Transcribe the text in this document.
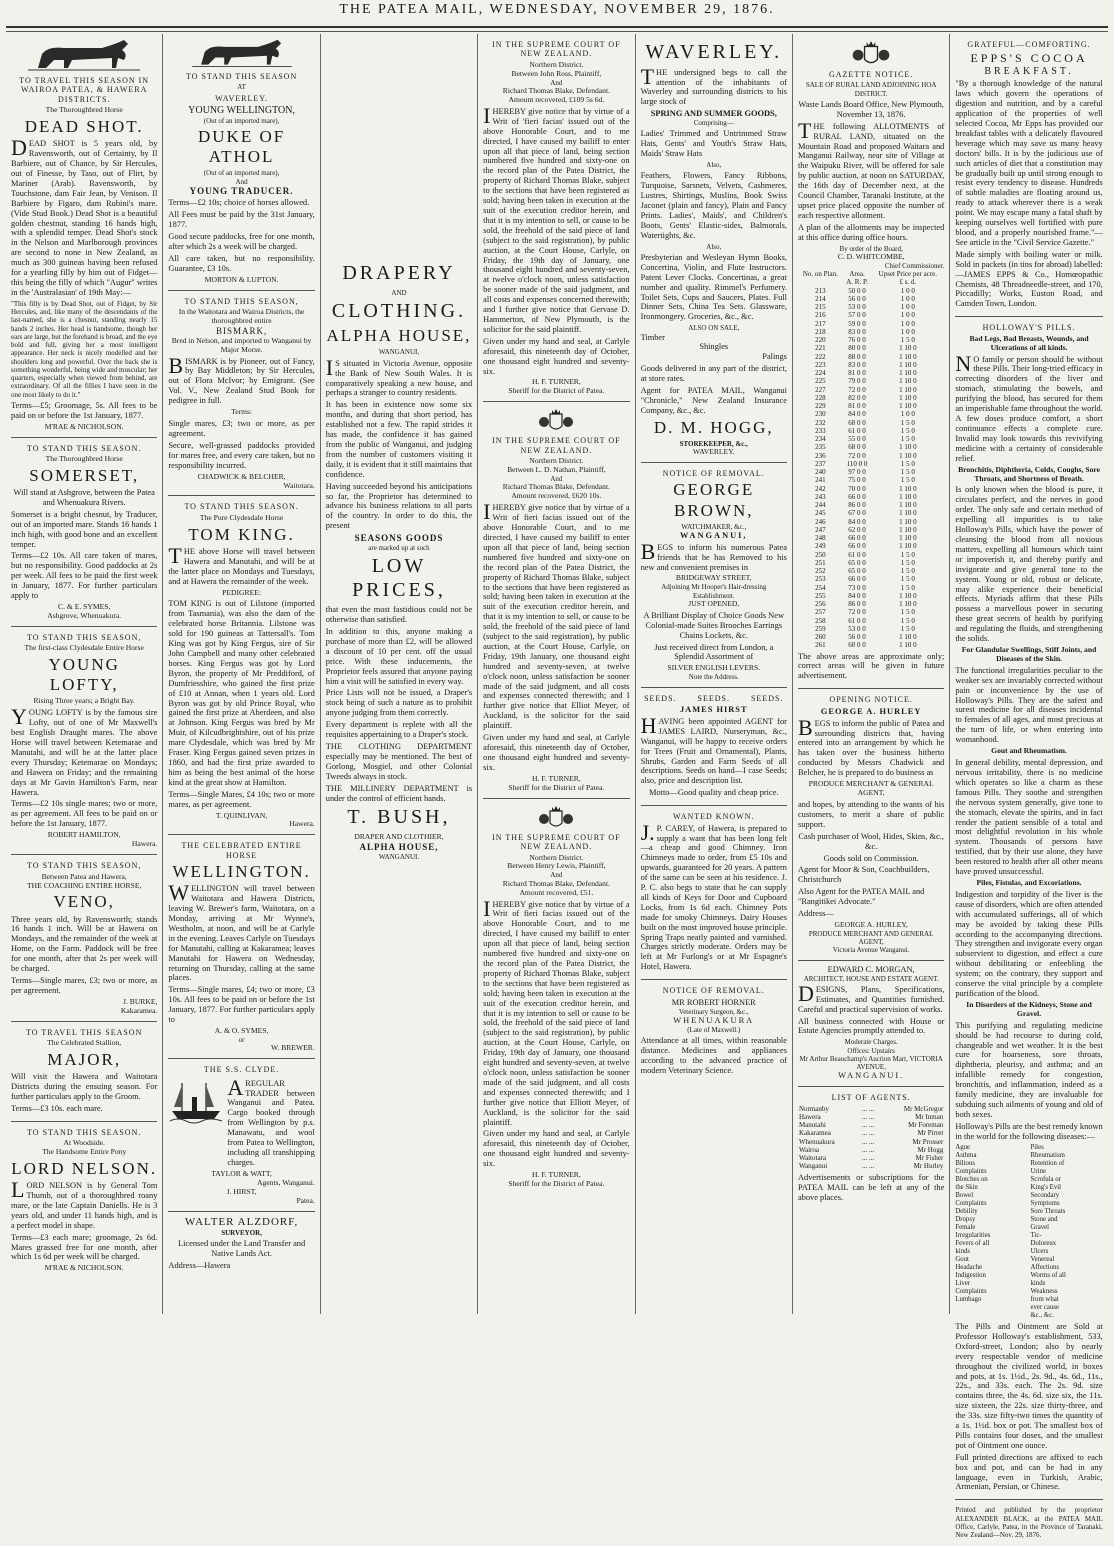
THE PATEA MAIL, WEDNESDAY, NOVEMBER 29, 1876.
TO TRAVEL THIS SEASON IN WAIROA PATEA, & HAWERA DISTRICTS.
The Thoroughbred Horse
DEAD SHOT.

DEAD SHOT is 5 years old, by Ravensworth, out of Certainty, by Il Barbiere, out of Chance, by Sir Hercules, out of Finesse, by Taso, out of Flirt, by Mariner (Arab). Ravensworth, by Touchstone, dam Fair Jean, by Venison. Il Barbiere by Figaro, dam Rubini's mare. (Vide Stud Book.) Dead Shot is a beautiful golden chestnut, standing 16 hands high, with a splendid temper. Dead Shot's stock in the Nelson and Marlborough provinces are second to none in New Zealand, as much as 300 guineas having been refused for a yearling filly by him out of Fidget—this being the filly of which "Augur" writes in the 'Australasian' of 19th May:—

"This filly is by Dead Shot, out of Fidget, by Sir Hercules, and, like many of the descendants of the last-named, she is a chesnut, standing nearly 15 hands 2 inches. Her head is handsome, though her ears are large, but the forehand is broad, and the eye bold and full, giving her a most intelligent appearance. Her neck is nicely modelled and her shoulders long and powerful. Over the back she is something wonderful, being wide and muscular; her quarters, especially when viewed from behind, are extraordinary. Of all the fillies I have seen in the one most likely to do it."

Terms—£5; Groomage, 5s. All fees to be paid on or before the 1st January, 1877.

M'RAE & NICHOLSON.
TO STAND THIS SEASON.
The Thoroughbred Horse
SOMERSET,

Will stand at Ashgrove, between the Patea and Whenuakura Rivers.

Somerset is a bright chesnut, by Traducer, out of an imported mare. Stands 16 hands 1 inch high, with good bone and an excellent temper.

Terms—£2 10s. All care taken of mares, but no responsibility. Good paddocks at 2s per week. All fees to be paid the first week in January, 1877. For further particulars apply to

C. & E. SYMES,
Ashgrove, Whenuakura.
TO STAND THIS SEASON,
The first-class Clydesdale Entire Horse
YOUNG LOFTY,
Rising Three years; a Bright Bay.

YOUNG LOFTY is by the famous sire Lofty, out of one of Mr Maxwell's best English Draught mares. The above Horse will travel between Ketemarae and Manutahi, and will be at the latter place every Thursday; Ketemarae on Mondays; and Hawera on Friday; and the remaining days at Mr Gavin Hamilton's Farm, near Hawera.

Terms—£2 10s single mares; two or more, as per agreement. All fees to be paid on or before the 1st January, 1877.

ROBERT HAMILTON,
Hawera.
TO STAND THIS SEASON,
Between Patea and Hawera,
THE COACHING ENTIRE HORSE,
VENO,

Three years old, by Ravensworth; stands 16 hands 1 inch. Will be at Hawera on Mondays, and the remainder of the week at Home, on the Farm. Paddock will be free for one month, after that 2s per week will be charged.

Terms—Single mares, £3; two or more, as per agreement.

J. BURKE,
Kakaramea.
TO TRAVEL THIS SEASON
The Celebrated Stallion,
MAJOR,

Will visit the Hawera and Waitotara Districts during the ensuing season. For further particulars apply to the Groom.

Terms—£3 10s. each mare.

TO STAND THIS SEASON.
At Woodside.
The Handsome Entire Pony
LORD NELSON.

LORD NELSON is by General Tom Thumb, out of a thoroughbred roany mare, or the late Captain Daniells. He is 3 years old, and under 11 hands high, and is a perfect model in shape.

Terms—£3 each mare; groomage, 2s 6d. Mares grassed free for one month, after which 1s 6d per week will be charged.

M'RAE & NICHOLSON.
TO STAND THIS SEASON
AT
WAVERLEY.
YOUNG WELLINGTON,
(Out of an imported mare),
DUKE OF ATHOL
(Out of an imported mare),
And
YOUNG TRADUCER.

Terms—£2 10s; choice of horses allowed.

All Fees must be paid by the 31st January, 1877.

Good secure paddocks, free for one month, after which 2s a week will be charged.

All care taken, but no responsibility. Guarantee, £3 10s.

MORTON & LUPTON.
TO STAND THIS SEASON,
In the Waitotara and Wairoa Districts, the thoroughbred entire
BISMARK,
Bred in Nelson, and imported to Wanganui by Major Morse.

BISMARK is by Pioneer, out of Fancy, by Bay Middleton; by Sir Hercules, out of Flora McIvor; by Emigrant. (See Vol. V., New Zealand Stud Book for pedigree in full.

Terms:

Single mares, £3; two or more, as per agreement.

Secure, well-grassed paddocks provided for mares free, and every care taken, but no responsibility incurred.

CHADWICK & BELCHER,
Waitotara.
TO STAND THIS SEASON.
The Pure Clydesdale Horse
TOM KING.

THE above Horse will travel between Hawera and Manutahi, and will be at the latter place on Mondays and Tuesdays, and at Hawera the remainder of the week.

PEDIGREE:

TOM KING is out of Lilstone (imported from Tasmania), was also the dam of the celebrated horse Britannia. Lilstone was sold for 190 guineas at Tattersall's. Tom King was got by King Fergus, sire of Sir John Campbell and many other celebrated horses. King Fergus was got by Lord Byron, the property of Mr Preddiford, of Dumfriesshire, who gained the first prize of £10 at Annan, when 1 years old. Lord Byron was got by old Prince Royal, who gained the first prize at Aberdeen, and also at Johnson. King Fergus was bred by Mr Muir, of Kilcudbrightshire, out of his prize mare Clydesdale, which was bred by Mr Fraser. King Fergus gained seven prizes in 1860, and had the first prize awarded to him as being the best animal of the horse kind at the great show at Hamilton.

Terms—Single Mares, £4 10s; two or more mares, as per agreement.

T. QUINLIVAN,
Hawera.
THE CELEBRATED ENTIRE HORSE
WELLINGTON.

WELLINGTON will travel between Waitotara and Hawera Districts, leaving W. Brewer's farm, Waitotara, on a Monday, arriving at Mr Wynne's, Westholm, at noon, and will be at Carlyle in the evening. Leaves Carlyle on Tuesdays for Manutahi, calling at Kakaramea; leaves Manutahi for Hawera on Wednesday, returning on Thursday, calling at the same places.

Terms—Single mares, £4; two or more, £3 10s. All fees to be paid on or before the 1st January, 1877. For further particulars apply to

A. & O. SYMES,
or
W. BREWER.
THE S.S. CLYDE.

AREGULAR TRADER between Wanganui and Patea. Cargo booked through from Wellington by p.s. Manawatu, and wool from Patea to Wellington, including all transhipping charges.

TAYLOR & WATT,
Agents, Wanganui.
J. HIRST,
Patea.
WALTER ALZDORF,
SURVEYOR,

Licensed under the Land Transfer and Native Lands Act.

Address—Hawera

DRAPERY
AND
CLOTHING.
ALPHA HOUSE,
WANGANUI,

IS situated in Victoria Avenue, opposite the Bank of New South Wales. It is comparatively speaking a new house, and perhaps a stranger to country residents.

It has been in existence now some six months, and during that short period, has established not a few. The rapid strides it has made, the confidence it has gained from the public of Wanganui, and judging from the number of customers visiting it daily, it is evident that it still maintains that confidence.

Having succeeded beyond his anticipations so far, the Proprietor has determined to advance his business relations to all parts of the country. In order to do this, the present

SEASONS GOODS
are marked up at such
LOW PRICES,

that even the most fastidious could not be otherwise than satisfied.

In addition to this, anyone making a purchase of more than £2, will be allowed a discount of 10 per cent. off the usual price. With these inducements, the Proprietor feels assured that anyone paying him a visit will be satisfied in every way.

Price Lists will not be issued, a Draper's stock being of such a nature as to prohibit anyone judging from them correctly.

Every department is replete with all the requisites appertaining to a Draper's stock.

THE CLOTHING DEPARTMENT especially may be mentioned. The best of Gorlong, Mosgiel, and other Colonial Tweeds always in stock.

THE MILLINERY DEPARTMENT is under the control of efficient hands.

T. BUSH,
DRAPER AND CLOTHIER,
ALPHA HOUSE,
WANGANUI.
IN THE SUPREME COURT OF NEW ZEALAND.
Northern District.
Between John Ross, Plaintiff,
And
Richard Thomas Blake, Defendant.
Amount recovered, £109 5s 6d.

IHEREBY give notice that by virtue of a Writ of 'fieri facias' issued out of the above Honorable Court, and to me directed, I have caused my bailiff to enter upon all that piece of land, being section numbered five hundred and sixty-one on the record plan of the Patea District, the property of Richard Thomas Blake, subject to the sections that have been registered as sold; having been taken in execution at the suit of the execution creditor herein, and that it is my intention to sell, or cause to be sold, the freehold of the said piece of land (subject to the said registration), by public auction, at the Court House, Carlyle, on Friday, the 19th day of January, one thousand eight hundred and seventy-seven, at twelve o'clock noon, unless satisfaction be sooner made of the said judgment, and all costs and expenses concerned therewith; and I further give notice that Gervase D. Hammerton, of New Plymouth, is the solicitor for the said plaintiff.

Given under my hand and seal, at Carlyle aforesaid, this nineteenth day of October, one thousand eight hundred and seventy-six.

H. F. TURNER,
Sheriff for the District of Patea.
IN THE SUPREME COURT OF NEW ZEALAND.
Northern District.
Between L. D. Nathan, Plaintiff,
And
Richard Thomas Blake, Defendant.
Amount recovered, £620 10s.

IHEREBY give notice that by virtue of a Writ of fieri facias issued out of the above Honorable Court, and to me directed, I have caused my bailiff to enter upon all that piece of land, being section numbered five hundred and sixty-one on the record plan of the Patea District, the property of Richard Thomas Blake, subject to the sections that have been registered as sold; having been taken in execution at the suit of the execution creditor herein, and that it is my intention to sell, or cause to be sold, the freehold of the said piece of land (subject to the said registration), by public auction, at the Court House, Carlyle, on Friday, 19th January, one thousand eight hundred and seventy-seven, at twelve o'clock noon, unless satisfaction be sooner made of the said judgment, and all costs and expenses connected therewith; and I further give notice that Elliot Meyer, of Auckland, is the solicitor for the said plaintiff.

Given under my hand and seal, at Carlyle aforesaid, this nineteenth day of October, one thousand eight hundred and seventy-six.

H. F. TURNER,
Sheriff for the District of Patea.
IN THE SUPREME COURT OF NEW ZEALAND.
Northern District.
Between Henry Lewis, Plaintiff,
And
Richard Thomas Blake, Defendant.
Amount recovered, £51.

IHEREBY give notice that by virtue of a Writ of fieri facias issued out of the above Honorable Court, and to me directed, I have caused my bailiff to enter upon all that piece of land, being section numbered five hundred and sixty-one on the record plan of the Patea District, the property of Richard Thomas Blake, subject to the sections that have been registered as sold; having been taken in execution at the suit of the execution creditor herein, and that it is my intention to sell or cause to be sold, the freehold of the said piece of land (subject to the said registration), by public auction, at the Court House, Carlyle, on Friday, 19th day of January, one thousand eight hundred and seventy-seven, at twelve o'clock noon, unless satisfaction be sooner made of the said judgment, and all costs and expenses connected therewith; and I further give notice that Elliott Meyer, of Auckland, is the solicitor for the said plaintiff.

Given under my hand and seal, at Carlyle aforesaid, this nineteenth day of October, one thousand eight hundred and seventy-six.

H. F. TURNER,
Sheriff for the District of Patea.
WAVERLEY.

THE undersigned begs to call the attention of the inhabitants of Waverley and surrounding districts to his large stock of

SPRING AND SUMMER GOODS,
Comprising—

Ladies' Trimmed and Untrimmed Straw Hats, Gents' and Youth's Straw Hats, Maids' Straw Hats

Also,

Feathers, Flowers, Fancy Ribbons, Turquoise, Sarsnets, Velvets, Cashmeres, Lustres, Shirtings, Muslins, Book Swiss Jaconet (plain and fancy), Plain and Fancy Prints. Ladies', Maids', and Children's Boots, Gents' Elastic-sides, Balmorals, Watertights, &c.

Also,

Presbyterian and Wesleyan Hymn Books, Concertina, Violin, and Flute Instructors. Patent Lever Clocks. Concertinas, a great number and quality. Rimmel's Perfumery. Toilet Sets, Cups and Saucers, Plates. Full Dinner Sets, China Tea Sets. Glassware, Ironmongery. Groceries, &c., &c.

ALSO ON SALE,
Timber
Shingles
Palings

Goods delivered in any part of the district, at store rates.

Agent for PATEA MAIL, Wanganui "Chronicle," New Zealand Insurance Company, &c., &c.

D. M. HOGG,
STOREKEEPER, &c.,
WAVERLEY.
NOTICE OF REMOVAL.
GEORGE BROWN,
WATCHMAKER, &c.,
WANGANUI,

BEGS to inform his numerous Patea friends that he has Removed to his new and convenient premises in

BRIDGEWAY STREET,
Adjoining Mr Hooper's Hair-dressing Establishment.
JUST OPENED,

A Brilliant Display of Choice Goods New Colonial-made Suites Brooches Earrings Chains Lockets, &c.

Just received direct from London, a Splendid Assortment of

SILVER ENGLISH LEVERS.
Note the Address.
SEEDS. SEEDS. SEEDS.
JAMES HIRST

HAVING been appointed AGENT for JAMES LAIRD, Nurseryman, &c., Wanganui, will be happy to receive orders for Trees (Fruit and Ornamental), Plants, Shrubs, Garden and Farm Seeds of all descriptions. Seeds on hand—I case Seeds; also, price and description list.

Motto—Good quality and cheap price.

WANTED KNOWN.

J.P. CAREY, of Hawera, is prepared to supply a want that has been long felt—a cheap and good Chimney. Iron Chimneys made to order, from £5 10s and upwards, guaranteed for 20 years. A pattern of the same can be seen at his residence. J. P. C. also begs to state that he can supply all kinds of Keys for Door and Cupboard Locks, from 1s 6d each. Chimney Pots made for smoky Chimneys. Dairy Houses built on the most improved house principle. Spring Traps neatly painted and varnished. Charges strictly moderate. Orders may be left at Mr Furlong's or at Mr Espagne's Hotel, Hawera.

NOTICE OF REMOVAL.
MR ROBERT HORNER
Veterinary Surgeon, &c.,
WHENUAKURA
(Late of Maxwell.)

Attendance at all times, within reasonable distance. Medicines and appliances according to the advanced practice of modern Veterinary Science.

GAZETTE NOTICE.
SALE OF RURAL LAND ADJOINING HOA DISTRICT.

Waste Lands Board Office, New Plymouth, November 13, 1876.

THE following ALLOTMENTS of RURAL LAND, situated on the Mountain Road and proposed Waitara and Manganui Railway, near site of Village at the Waipuku River, will be offered for sale by public auction, at noon on SATURDAY, the 16th day of December next, at the Council Chamber, Taranaki Institute, at the upset price placed opposite the number of each respective allotment.

A plan of the allotments may be inspected at this office during office hours.

By order of the Board,
C. D. WHITCOMBE,
Chief Commissioner.
No. on Plan.	Area.	Upset Price per acre.
	A. R. P.	£ s. d.
213	50 0 0	1 0 0
214	56 0 0	1 0 0
215	53 0 0	1 0 0
216	57 0 0	1 0 0
217	59 0 0	1 0 0
218	83 0 0	1 0 0
220	76 0 0	1 5 0
221	80 0 0	1 10 0
222	88 0 0	1 10 0
223	83 0 0	1 10 0
224	81 0 0	1 10 0
225	79 0 0	1 10 0
227	72 0 0	1 10 0
228	82 0 0	1 10 0
229	81 0 0	1 10 0
230	84 0 0	1 0 0
232	68 0 0	1 5 0
233	61 0 0	1 5 0
234	55 0 0	1 5 0
235	68 0 0	1 10 0
236	72 0 0	1 10 0
237	110 0 0	1 5 0
240	97 0 0	1 5 0
241	75 0 0	1 5 0
242	70 0 0	1 10 0
243	66 0 0	1 10 0
244	86 0 0	1 10 0
245	67 0 0	1 10 0
246	84 0 0	1 10 0
247	62 0 0	1 10 0
248	66 0 0	1 10 0
249	66 0 0	1 10 0
250	61 0 0	1 5 0
251	65 0 0	1 5 0
252	65 0 0	1 5 0
253	66 0 0	1 5 0
254	73 0 0	1 5 0
255	84 0 0	1 10 0
256	86 0 0	1 10 0
257	72 0 0	1 5 0
258	61 0 0	1 5 0
259	53 0 0	1 5 0
260	56 0 0	1 10 0
261	60 0 0	1 10 0

The above areas are approximate only; correct areas will be given in future advertisement.

OPENING NOTICE.
GEORGE A. HURLEY

BEGS to inform the public of Patea and surrounding districts that, having entered into an arrangement by which he has taken over the business hitherto conducted by Messrs Chadwick and Belcher, he is prepared to do business as

PRODUCE MERCHANT & GENERAL AGENT,

and hopes, by attending to the wants of his customers, to merit a share of public support.

Cash purchaser of Wool, Hides, Skins, &c., &c.

Goods sold on Commission.

Agent for Moor & Son, Coachbuilders, Christchurch

Also Agent for the PATEA MAIL and "Rangitikei Advocate."

Address—

GEORGE A. HURLEY,
PRODUCE MERCHANT AND GENERAL AGENT,
Victoria Avenue Wanganui.
EDWARD C. MORGAN,
ARCHITECT, HOUSE AND ESTATE AGENT.

DESIGNS, Plans, Specifications, Estimates, and Quantities furnished. Careful and practical supervision of works.

All business connected with House or Estate Agencies promptly attended to.

Moderate Charges.
Offices: Upstairs
Mr Arthur Beauchamp's Auction Mart, VICTORIA AVENUE,
WANGANUI.
LIST OF AGENTS.
Normanby	... ...	Mr McGregor
Hawera	... ...	Mr Inman
Manutahi	... ...	Mr Foreman
Kakaramea	... ...	Mr Pirret
Whenuakura	... ...	Mr Prosser
Wairoa	... ...	Mr Hogg
Waitotara	... ...	Mr Fisher
Wanganui	... ...	Mr Hurley

Advertisements or subscriptions for the PATEA MAIL can be left at any of the above places.

GRATEFUL—COMFORTING.
EPPS'S COCOA
BREAKFAST.

"By a thorough knowledge of the natural laws which govern the operations of digestion and nutrition, and by a careful application of the properties of well selected Cocoa, Mr Epps has provided our breakfast tables with a delicately flavoured beverage which may save us many heavy doctors' bills. It is by the judicious use of such articles of diet that a constitution may be gradually built up until strong enough to resist every tendency to disease. Hundreds of subtle maladies are floating around us, ready to attack wherever there is a weak point. We may escape many a fatal shaft by keeping ourselves well fortified with pure blood, and a properly nourished frame."—See article in the "Civil Service Gazette."

Made simply with boiling water or milk. Sold in packets (in tins for abroad) labelled:—JAMES EPPS & Co., Homœopathic Chemists, 48 Threadneedle-street, and 170, Piccadilly; Works, Euston Road, and Camden Town, London.

HOLLOWAY'S PILLS.
Bad Legs, Bad Breasts, Wounds, and Ulcerations of all kinds.

NO family or person should be without these Pills. Their long-tried efficacy in correcting disorders of the liver and stomach, stimulating the bowels, and purifying the blood, has secured for them an imperishable fame throughout the world. A few doses produce comfort, a short continuance effects a complete cure. Invalid may look towards this revivifying medicine with a certainty of considerable relief.

Bronchitis, Diphtheria, Colds, Coughs, Sore Throats, and Shortness of Breath.

Is only known when the blood is pure, it circulates perfect, and the nerves in good order. The only safe and certain method of expelling all impurities is to take Holloway's Pills, which have the power of cleansing the blood from all noxious matters, expelling all humours which taint or impoverish it, and thereby purify and invigorate and give general tone to the system. Young or old, robust or delicate, may alike experience their beneficial effects. Myriads affirm that these Pills possess a marvellous power in securing these great secrets of health by purifying and regulating the fluids, and strengthening the solids.

For Glandular Swellings, Stiff Joints, and Diseases of the Skin.

The functional irregularities peculiar to the weaker sex are invariably corrected without pain or inconvenience by the use of Holloway's Pills. They are the safest and surest medicine for all diseases incidental to females of all ages, and most precious at the turn of life, or when entering into womanhood.

Gout and Rheumatism.

In general debility, mental depression, and nervous irritability, there is no medicine which operates so like a charm as these famous Pills. They soothe and strengthen the nervous system generally, give tone to the stomach, elevate the spirits, and in fact render the patient sensible of a total and most delightful revolution in his whole system. Thousands of persons have testified, that by their use alone, they have been restored to health after all other means have proved unsuccessful.

Piles, Fistulas, and Excoriations.

Indigestion and torpidity of the liver is the cause of disorders, which are often attended with accumulated sufferings, all of which may be avoided by taking these Pills according to the accompanying directions. They strengthen and invigorate every organ subservient to digestion, and effect a cure without debilitating or enfeebling the system; on the contrary, they support and conserve the vital principle by a complete purification of the blood.

In Disorders of the Kidneys, Stone and Gravel.

This purifying and regulating medicine should be had recourse to during cold, changeable and wet weather. It is the best cure for hoarseness, sore throats, diphtheria, pleurisy, and asthma; and an infallible remedy for congestion, bronchitis, and inflammation, indeed as a family medicine, they are invaluable for subduing such ailments of young and old of both sexes.

Holloway's Pills are the best remedy known in the world for the following diseases:—

Ague
Asthma
Bilious Complaints
Blotches on the Skin
Bowel Complaints
Debility
Dropsy
Female Irregularities
Fevers of all kinds
Gout
Headache
Indigestion
Liver Complaints
Lumbago
Piles
Rheumatism
Retention of Urine
Scrofula or King's Evil
Secondary Symptoms
Sore Throats
Stone and Gravel
Tic-Doloreux
Ulcers
Venereal Affections
Worms of all kinds
Weakness from what ever cause
&c., &c.

The Pills and Ointment are Sold at Professor Holloway's establishment, 533, Oxford-street, London; also by nearly every respectable vendor of medicine throughout the civilized world, in boxes and pots, at 1s. 1½d., 2s. 9d., 4s. 6d., 11s., 22s., and 33s. each. The 2s. 9d. size contains three, the 4s. 6d. size six, the 11s. size sixteen, the 22s. size thirty-three, and the 33s. size fifty-two times the quantity of a 1s. 1½d. box or pot. The smallest box of Pills contains four doses, and the smallest pot of Ointment one ounce.

Full printed directions are affixed to each box and pot, and can be had in any language, even in Turkish, Arabic, Armenian, Persian, or Chinese.

Printed and published by the proprietor ALEXANDER BLACK, at the PATEA MAIL Office, Carlyle, Patea, in the Province of Taranaki, New Zealand—Nov. 29, 1876.
